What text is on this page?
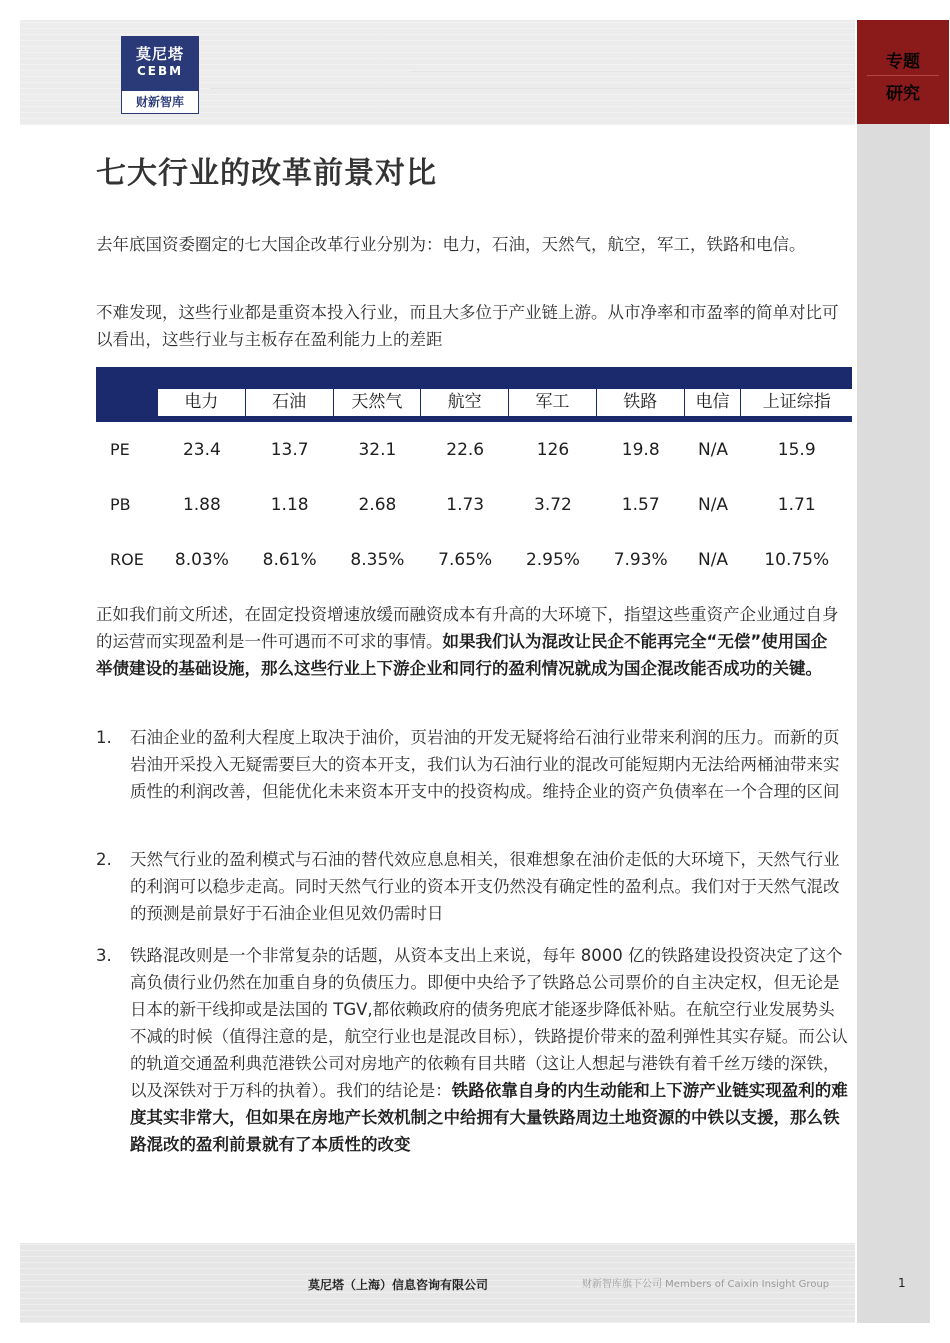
莫尼塔
CEBM
财新智库
专题
研究
七大行业的改革前景对比

去年底国资委圈定的七大国企改革行业分别为：电力，石油，天然气，航空，军工，铁路和电信。

不难发现，这些行业都是重资本投入行业，而且大多位于产业链上游。从市净率和市盈率的简单对比可以看出，这些行业与主板存在盈利能力上的差距

	电力	石油	天然气	航空	军工	铁路	电信	上证综指

PE	23.4	13.7	32.1	22.6	126	19.8	N/A	15.9
PB	1.88	1.18	2.68	1.73	3.72	1.57	N/A	1.71
ROE	8.03%	8.61%	8.35%	7.65%	2.95%	7.93%	N/A	10.75%

正如我们前文所述，在固定投资增速放缓而融资成本有升高的大环境下，指望这些重资产企业通过自身的运营而实现盈利是一件可遇而不可求的事情。如果我们认为混改让民企不能再完全“无偿”使用国企举债建设的基础设施，那么这些行业上下游企业和同行的盈利情况就成为国企混改能否成功的关键。

1.	石油企业的盈利大程度上取决于油价，页岩油的开发无疑将给石油行业带来利润的压力。而新的页岩油开采投入无疑需要巨大的资本开支，我们认为石油行业的混改可能短期内无法给两桶油带来实质性的利润改善，但能优化未来资本开支中的投资构成。维持企业的资产负债率在一个合理的区间
2.	天然气行业的盈利模式与石油的替代效应息息相关，很难想象在油价走低的大环境下，天然气行业的利润可以稳步走高。同时天然气行业的资本开支仍然没有确定性的盈利点。我们对于天然气混改的预测是前景好于石油企业但见效仍需时日
3.	铁路混改则是一个非常复杂的话题，从资本支出上来说，每年 8000 亿的铁路建设投资决定了这个高负债行业仍然在加重自身的负债压力。即便中央给予了铁路总公司票价的自主决定权，但无论是日本的新干线抑或是法国的 TGV,都依赖政府的债务兜底才能逐步降低补贴。在航空行业发展势头不减的时候（值得注意的是，航空行业也是混改目标），铁路提价带来的盈利弹性其实存疑。而公认的轨道交通盈利典范港铁公司对房地产的依赖有目共睹（这让人想起与港铁有着千丝万缕的深铁，以及深铁对于万科的执着）。我们的结论是：铁路依靠自身的内生动能和上下游产业链实现盈利的难度其实非常大，但如果在房地产长效机制之中给拥有大量铁路周边土地资源的中铁以支援，那么铁路混改的盈利前景就有了本质性的改变
莫尼塔（上海）信息咨询有限公司	财新智库旗下公司 Members of Caixin Insight Group	1
